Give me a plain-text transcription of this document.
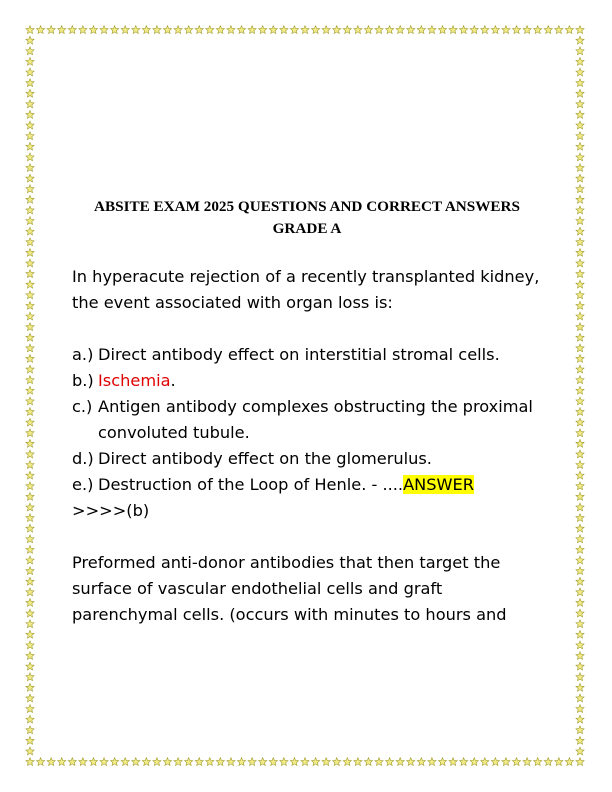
ABSITE EXAM 2025 QUESTIONS AND CORRECT ANSWERS
GRADE A

In hyperacute rejection of a recently transplanted kidney, the event associated with organ loss is:

a.) Direct antibody effect on interstitial stromal cells.
b.) Ischemia.
c.) Antigen antibody complexes obstructing the proximal convoluted tubule.
d.) Direct antibody effect on the glomerulus.
e.) Destruction of the Loop of Henle. - ....ANSWER
>>>>(b)
Preformed anti-donor antibodies that then target the surface of vascular endothelial cells and graft parenchymal cells. (occurs with minutes to hours and
